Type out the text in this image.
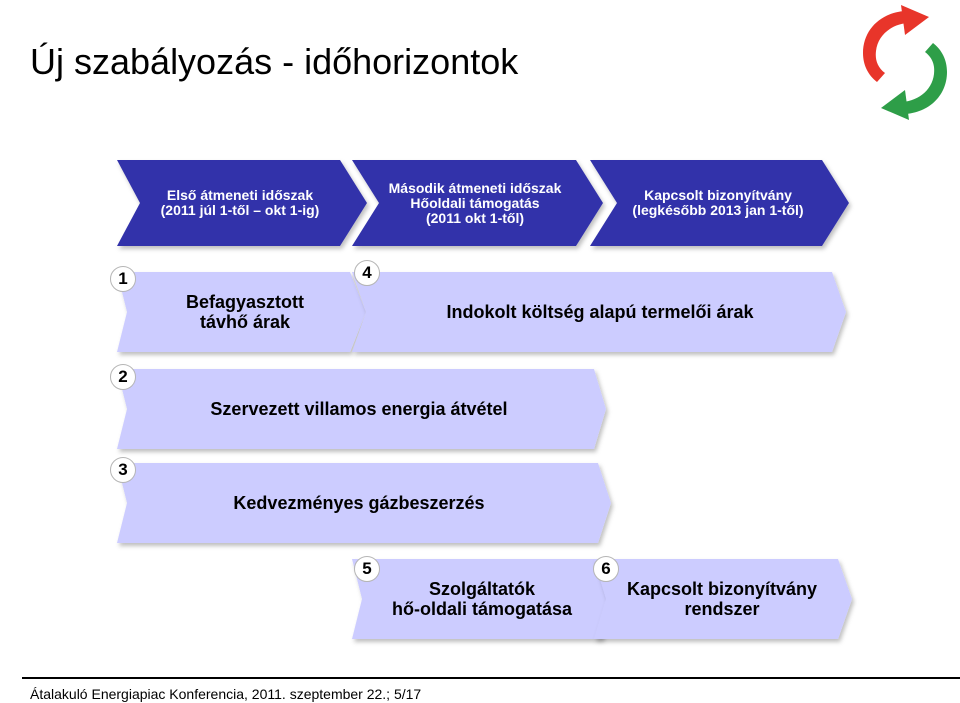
Új szabályozás - időhorizontok
Első átmeneti időszak
(2011 júl 1-től – okt 1-ig)
Második átmeneti időszak
Hőoldali támogatás
(2011 okt 1-től)
Kapcsolt bizonyítvány
(legkésőbb 2013 jan 1-től)
Befagyasztott
távhő árak	Indokolt költség alapú termelői árak
Szervezett villamos energia átvétel
Kedvezményes gázbeszerzés
Szolgáltatók
hő-oldali támogatása
Kapcsolt bizonyítvány
rendszer
1	4
2
3
5	6
Átalakuló Energiapiac Konferencia, 2011. szeptember 22.; 5/17
